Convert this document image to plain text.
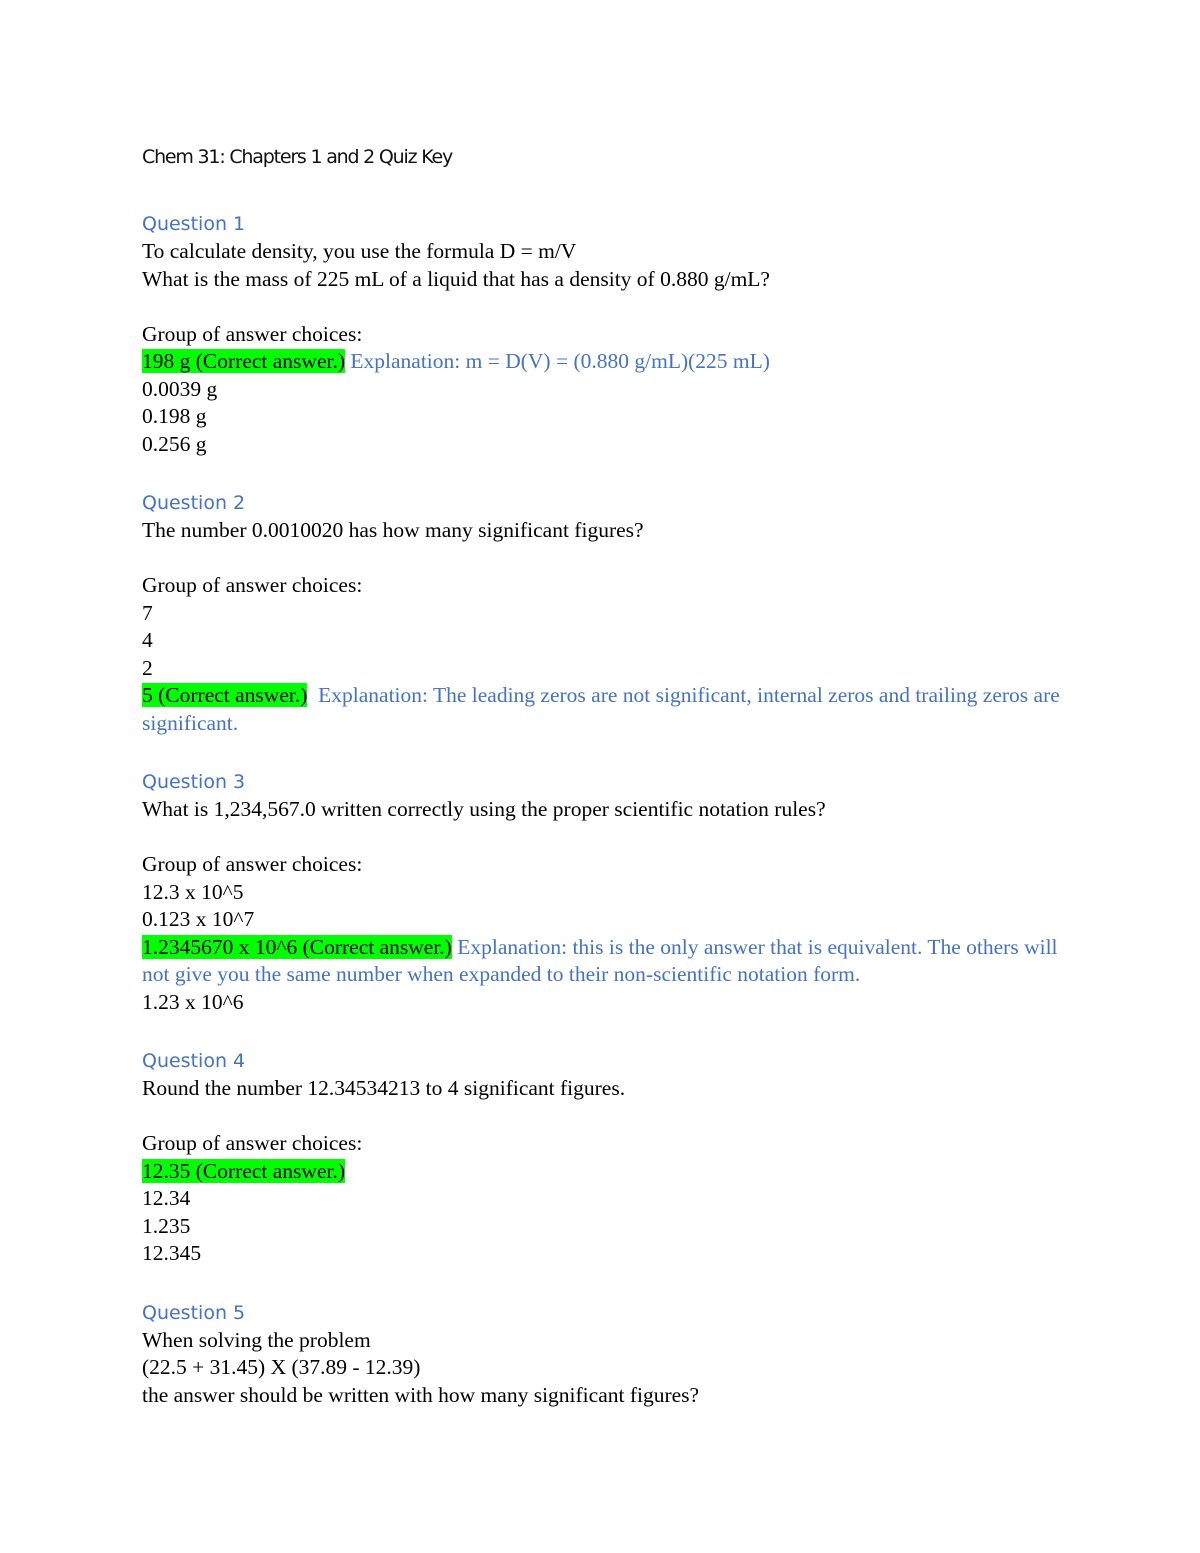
Chem 31: Chapters 1 and 2 Quiz Key
Question 1
To calculate density, you use the formula D = m/V
What is the mass of 225 mL of a liquid that has a density of 0.880 g/mL?
Group of answer choices:
198 g (Correct answer.) Explanation: m = D(V) = (0.880 g/mL)(225 mL)
0.0039 g
0.198 g
0.256 g
Question 2
The number 0.0010020 has how many significant figures?
Group of answer choices:
7
4
2
5 (Correct answer.)  Explanation: The leading zeros are not significant, internal zeros and trailing zeros are significant.
Question 3
What is 1,234,567.0 written correctly using the proper scientific notation rules?
Group of answer choices:
12.3 x 10^5
0.123 x 10^7
1.2345670 x 10^6 (Correct answer.) Explanation: this is the only answer that is equivalent. The others will not give you the same number when expanded to their non-scientific notation form.
1.23 x 10^6
Question 4
Round the number 12.34534213 to 4 significant figures.
Group of answer choices:
12.35 (Correct answer.)
12.34
1.235
12.345
Question 5
When solving the problem
(22.5 + 31.45) X (37.89 - 12.39)
the answer should be written with how many significant figures?
